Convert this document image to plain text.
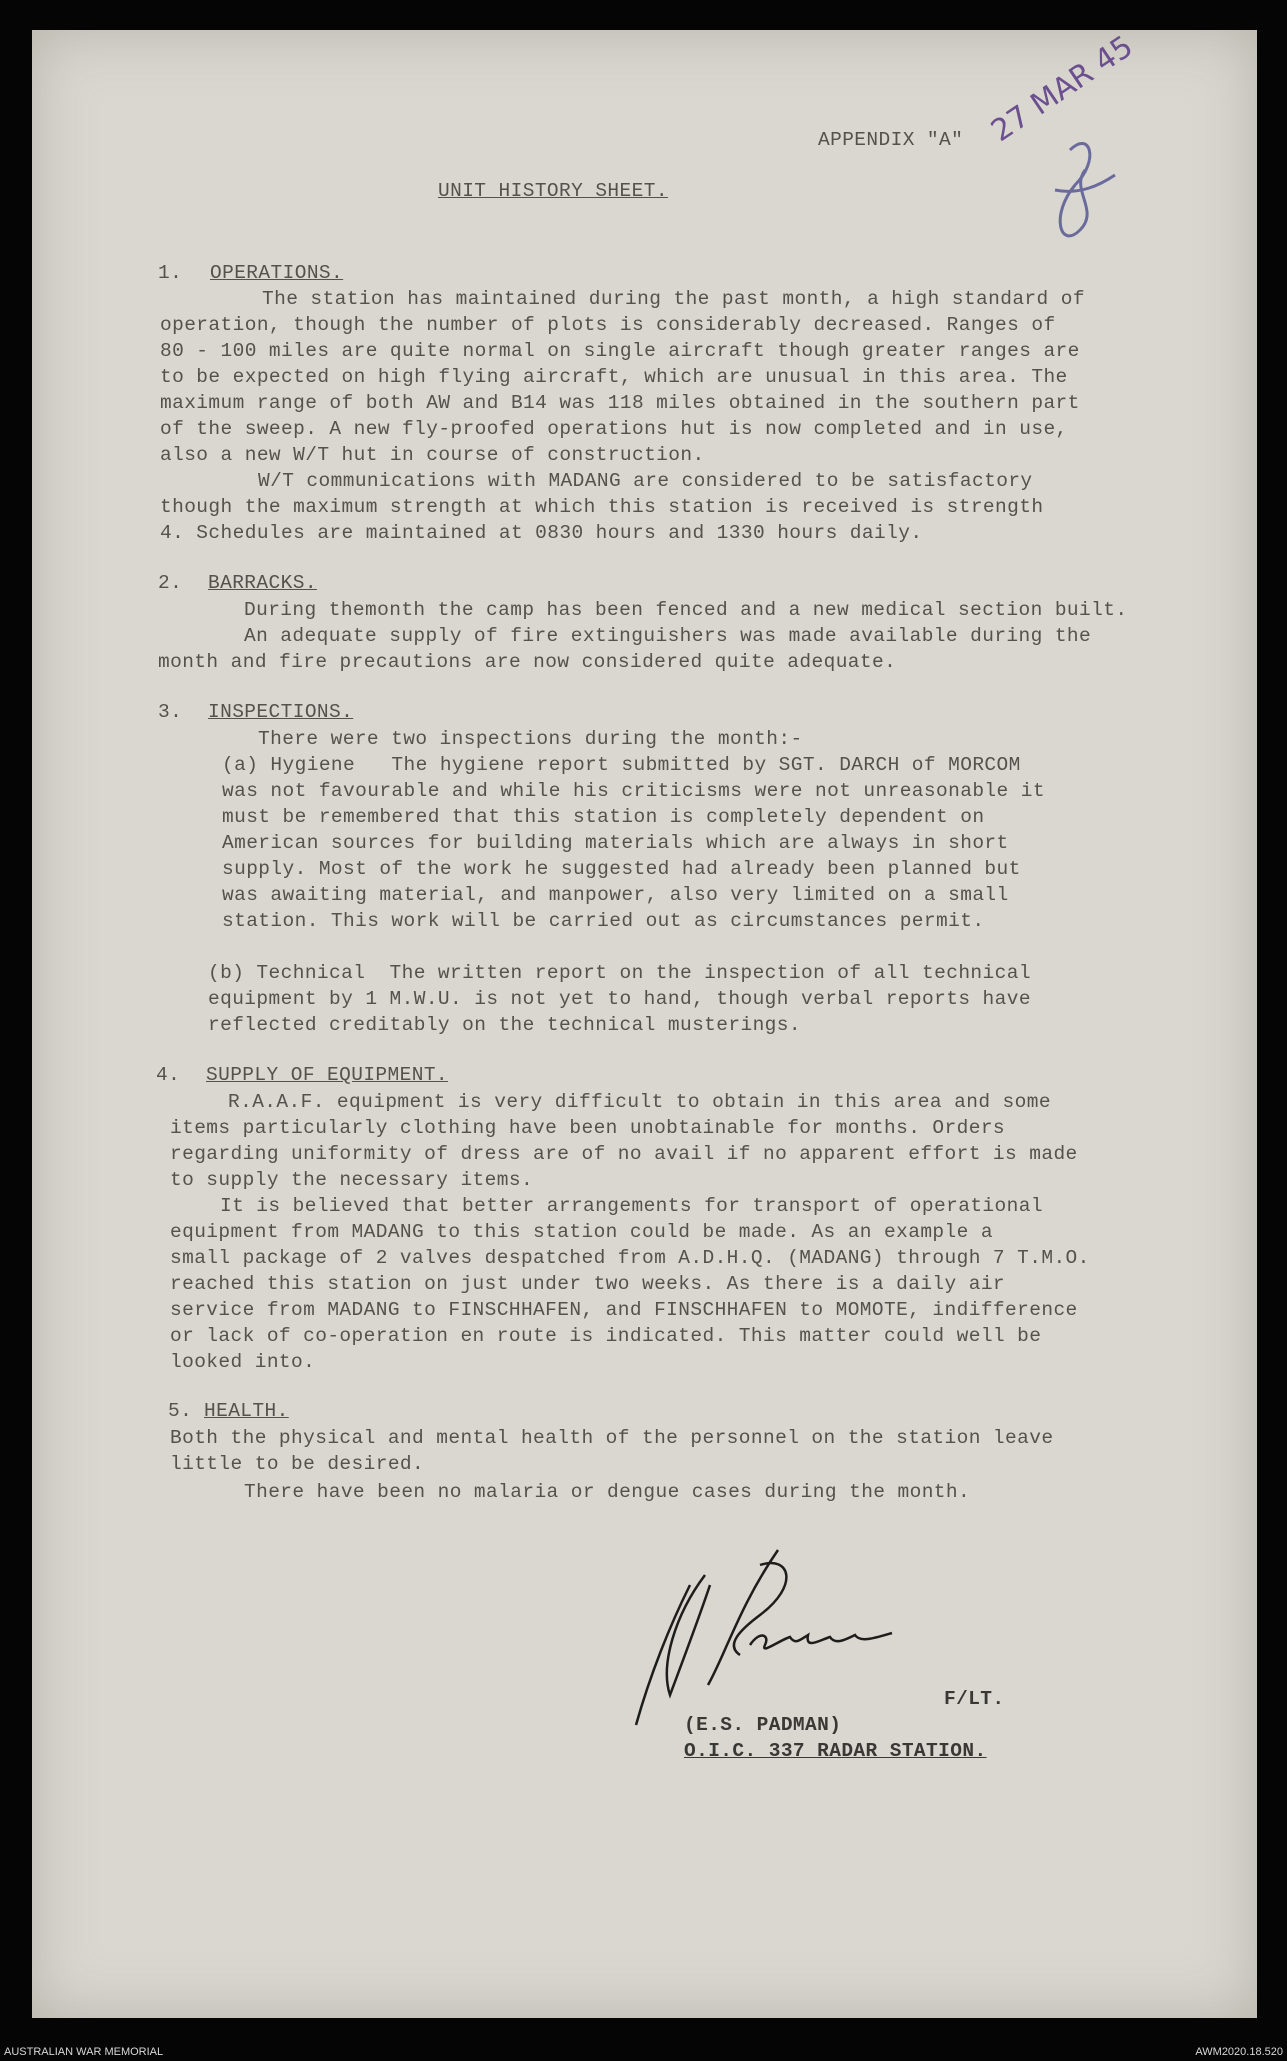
APPENDIX "A"
UNIT HISTORY SHEET.
27 MAR 45
1. OPERATIONS.
The station has maintained during the past month, a high standard of
operation, though the number of plots is considerably decreased. Ranges of
80 - 100 miles are quite normal on single aircraft though greater ranges are
to be expected on high flying aircraft, which are unusual in this area. The
maximum range of both AW and B14 was 118 miles obtained in the southern part
of the sweep. A new fly-proofed operations hut is now completed and in use,
also a new W/T hut in course of construction.
W/T communications with MADANG are considered to be satisfactory
though the maximum strength at which this station is received is strength
4. Schedules are maintained at 0830 hours and 1330 hours daily.
2. BARRACKS.
During themonth the camp has been fenced and a new medical section built.
An adequate supply of fire extinguishers was made available during the
month and fire precautions are now considered quite adequate.
3. INSPECTIONS.
There were two inspections during the month:-
(a) Hygiene   The hygiene report submitted by SGT. DARCH of MORCOM
was not favourable and while his criticisms were not unreasonable it
must be remembered that this station is completely dependent on
American sources for building materials which are always in short
supply. Most of the work he suggested had already been planned but
was awaiting material, and manpower, also very limited on a small
station. This work will be carried out as circumstances permit.
(b) Technical  The written report on the inspection of all technical
equipment by 1 M.W.U. is not yet to hand, though verbal reports have
reflected creditably on the technical musterings.
4. SUPPLY OF EQUIPMENT.
R.A.A.F. equipment is very difficult to obtain in this area and some
items particularly clothing have been unobtainable for months. Orders
regarding uniformity of dress are of no avail if no apparent effort is made
to supply the necessary items.
It is believed that better arrangements for transport of operational
equipment from MADANG to this station could be made. As an example a
small package of 2 valves despatched from A.D.H.Q. (MADANG) through 7 T.M.O.
reached this station on just under two weeks. As there is a daily air
service from MADANG to FINSCHHAFEN, and FINSCHHAFEN to MOMOTE, indifference
or lack of co-operation en route is indicated. This matter could well be
looked into.
5. HEALTH.
Both the physical and mental health of the personnel on the station leave
little to be desired.
There have been no malaria or dengue cases during the month.
F/LT.
(E.S. PADMAN)
O.I.C. 337 RADAR STATION.
AUSTRALIAN WAR MEMORIAL	AWM2020.18.520
